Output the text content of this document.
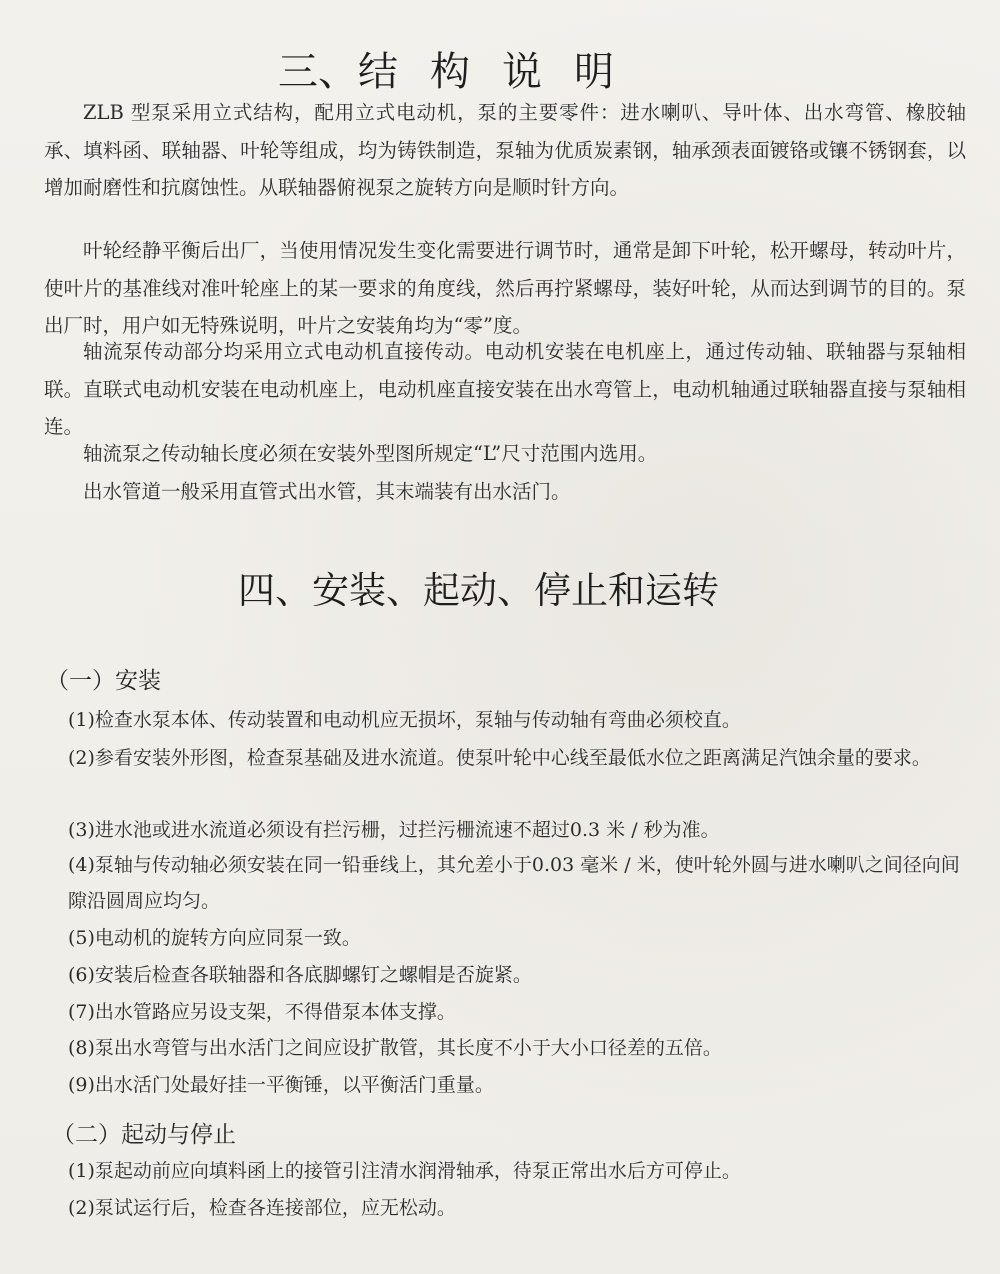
三、结 构 说 明

ZLB 型泵采用立式结构，配用立式电动机，泵的主要零件：进水喇叭、导叶体、出水弯管、橡胶轴承、填料函、联轴器、叶轮等组成，均为铸铁制造，泵轴为优质炭素钢，轴承颈表面镀铬或镶不锈钢套，以增加耐磨性和抗腐蚀性。从联轴器俯视泵之旋转方向是顺时针方向。

叶轮经静平衡后出厂，当使用情况发生变化需要进行调节时，通常是卸下叶轮，松开螺母，转动叶片，使叶片的基准线对准叶轮座上的某一要求的角度线，然后再拧紧螺母，装好叶轮，从而达到调节的目的。泵出厂时，用户如无特殊说明，叶片之安装角均为“零”度。

轴流泵传动部分均采用立式电动机直接传动。电动机安装在电机座上，通过传动轴、联轴器与泵轴相联。直联式电动机安装在电动机座上，电动机座直接安装在出水弯管上，电动机轴通过联轴器直接与泵轴相连。

轴流泵之传动轴长度必须在安装外型图所规定“L”尺寸范围内选用。

出水管道一般采用直管式出水管，其末端装有出水活门。

四、安装、起动、停止和运转
（一）安装

(1)检查水泵本体、传动装置和电动机应无损坏，泵轴与传动轴有弯曲必须校直。

(2)参看安装外形图，检查泵基础及进水流道。使泵叶轮中心线至最低水位之距离满足汽蚀余量的要求。

(3)进水池或进水流道必须设有拦污栅，过拦污栅流速不超过0.3 米 / 秒为准。

(4)泵轴与传动轴必须安装在同一铅垂线上，其允差小于0.03 毫米 / 米，使叶轮外圆与进水喇叭之间径向间隙沿圆周应均匀。

(5)电动机的旋转方向应同泵一致。

(6)安装后检查各联轴器和各底脚螺钉之螺帽是否旋紧。

(7)出水管路应另设支架，不得借泵本体支撑。

(8)泵出水弯管与出水活门之间应设扩散管，其长度不小于大小口径差的五倍。

(9)出水活门处最好挂一平衡锤，以平衡活门重量。

（二）起动与停止

(1)泵起动前应向填料函上的接管引注清水润滑轴承，待泵正常出水后方可停止。

(2)泵试运行后，检查各连接部位，应无松动。
